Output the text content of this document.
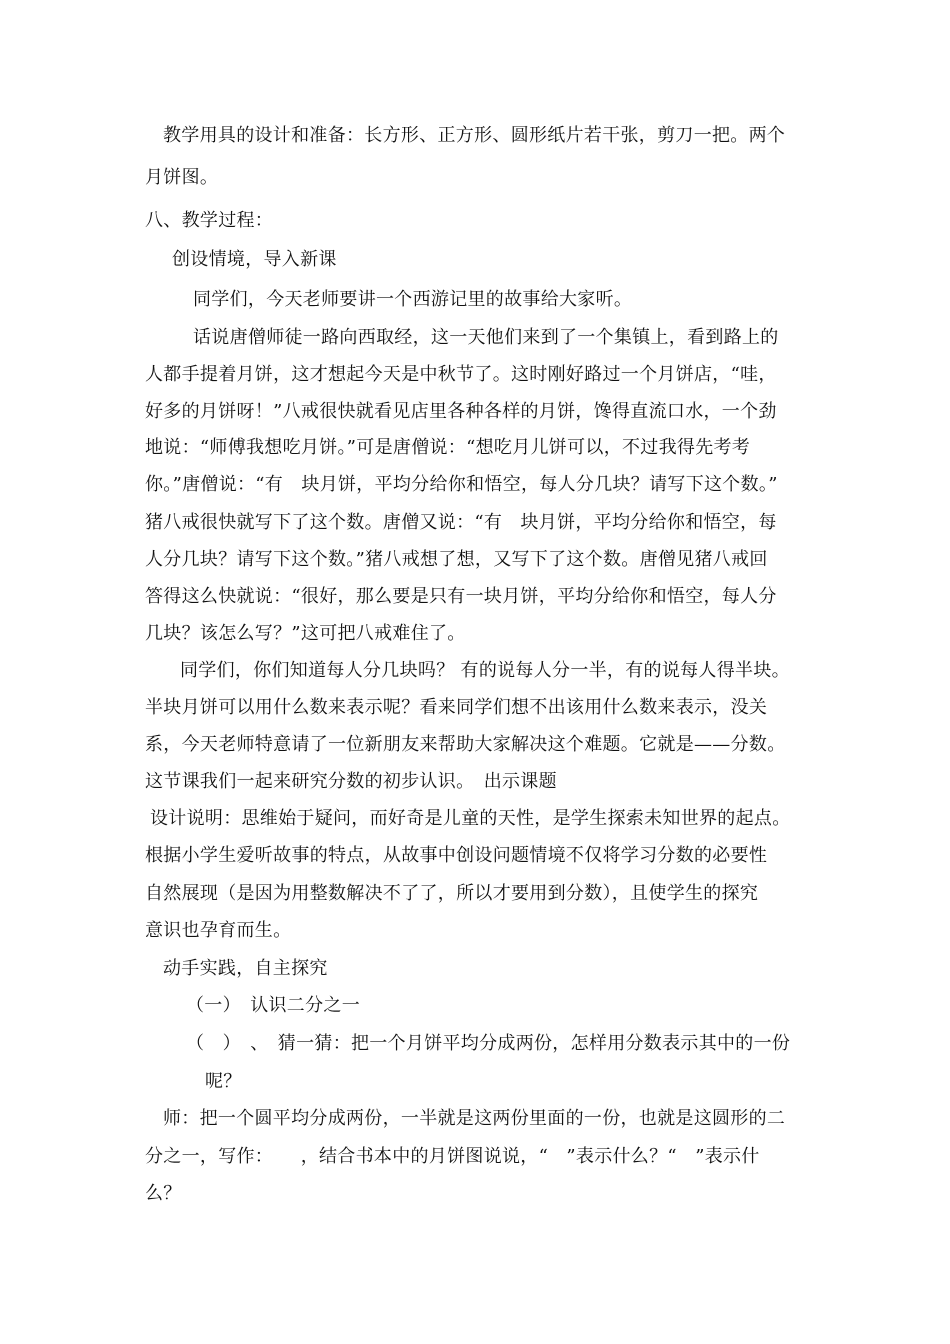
教学用具的设计和准备：长方形、正方形、圆形纸片若干张，剪刀一把。两个
月饼图。
八、教学过程：
创设情境，导入新课
同学们，今天老师要讲一个西游记里的故事给大家听。
话说唐僧师徒一路向西取经，这一天他们来到了一个集镇上，看到路上的
人都手提着月饼，这才想起今天是中秋节了。这时刚好路过一个月饼店，“哇，
好多的月饼呀！”八戒很快就看见店里各种各样的月饼，馋得直流口水，一个劲
地说：“师傅我想吃月饼。”可是唐僧说：“想吃月儿饼可以，不过我得先考考
你。”唐僧说：“有　块月饼，平均分给你和悟空，每人分几块？请写下这个数。”
猪八戒很快就写下了这个数。唐僧又说：“有　块月饼，平均分给你和悟空，每
人分几块？请写下这个数。”猪八戒想了想，又写下了这个数。唐僧见猪八戒回
答得这么快就说：“很好，那么要是只有一块月饼，平均分给你和悟空，每人分
几块？该怎么写？”这可把八戒难住了。
同学们，你们知道每人分几块吗？ 有的说每人分一半，有的说每人得半块。
半块月饼可以用什么数来表示呢？看来同学们想不出该用什么数来表示，没关
系，今天老师特意请了一位新朋友来帮助大家解决这个难题。它就是——分数。
这节课我们一起来研究分数的初步认识。　出示课题
设计说明：思维始于疑问，而好奇是儿童的天性，是学生探索未知世界的起点。
根据小学生爱听故事的特点，从故事中创设问题情境不仅将学习分数的必要性
自然展现（是因为用整数解决不了了，所以才要用到分数），且使学生的探究
意识也孕育而生。
动手实践，自主探究
（一）　认识二分之一
（　）　、　猜一猜：把一个月饼平均分成两份，怎样用分数表示其中的一份
呢？
师：把一个圆平均分成两份，一半就是这两份里面的一份，也就是这圆形的二
分之一，写作：　　，结合书本中的月饼图说说，“　”表示什么？“　”表示什
么？
